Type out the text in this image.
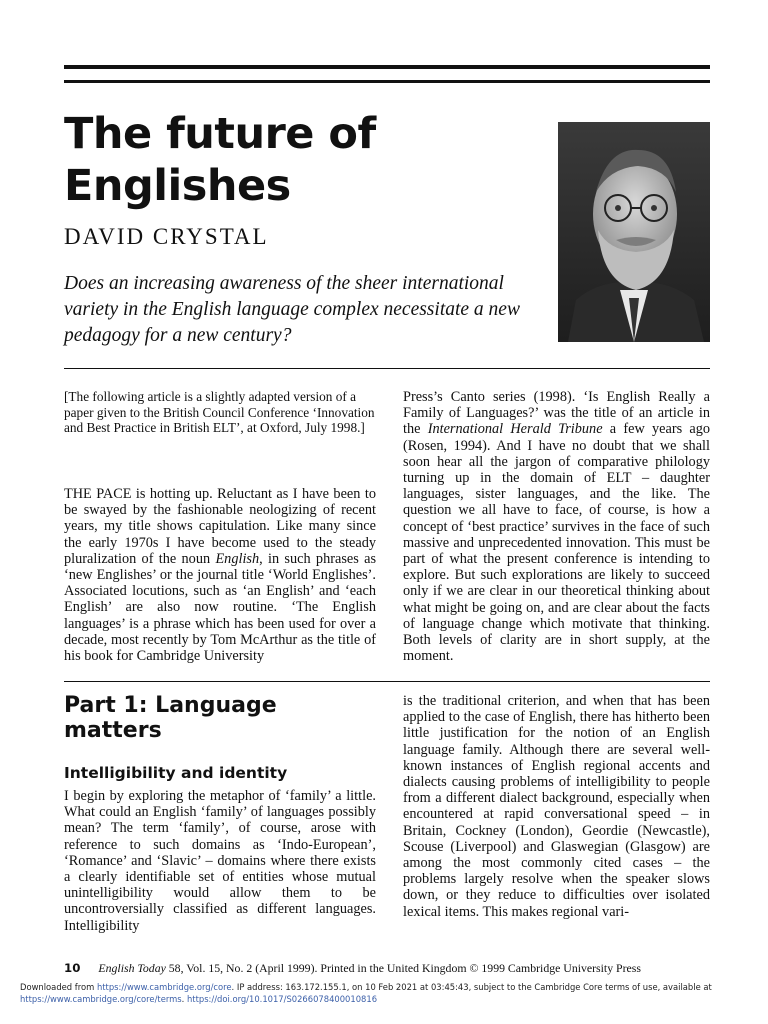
The future of
Englishes
DAVID CRYSTAL
Does an increasing awareness of the sheer international variety in the English language complex necessitate a new pedagogy for a new century?
[The following article is a slightly adapted version of a paper given to the British Council Conference ‘Innovation and Best Practice in British ELT’, at Oxford, July 1998.]

THE PACE is hotting up. Reluctant as I have been to be swayed by the fashionable neologizing of recent years, my title shows capitulation. Like many since the early 1970s I have become used to the steady pluralization of the noun English, in such phrases as ‘new Englishes’ or the journal title ‘World Englishes’. Associated locutions, such as ‘an English’ and ‘each English’ are also now routine. ‘The English languages’ is a phrase which has been used for over a decade, most recently by Tom McArthur as the title of his book for Cambridge University

Press’s Canto series (1998). ‘Is English Really a Family of Languages?’ was the title of an article in the International Herald Tribune a few years ago (Rosen, 1994). And I have no doubt that we shall soon hear all the jargon of comparative philology turning up in the domain of ELT – daughter languages, sister languages, and the like. The question we all have to face, of course, is how a concept of ‘best practice’ survives in the face of such massive and unprecedented innovation. This must be part of what the present conference is intending to explore. But such explorations are likely to succeed only if we are clear in our theoretical thinking about what might be going on, and are clear about the facts of language change which motivate that thinking. Both levels of clarity are in short supply, at the moment.

Part 1: Language matters
Intelligibility and identity

I begin by exploring the metaphor of ‘family’ a little. What could an English ‘family’ of languages possibly mean? The term ‘family’, of course, arose with reference to such domains as ‘Indo-European’, ‘Romance’ and ‘Slavic’ – domains where there exists a clearly identifiable set of entities whose mutual unintelligibility would allow them to be uncontroversially classified as different languages. Intelligibility

is the traditional criterion, and when that has been applied to the case of English, there has hitherto been little justification for the notion of an English language family. Although there are several well-known instances of English regional accents and dialects causing problems of intelligibility to people from a different dialect background, especially when encountered at rapid conversational speed – in Britain, Cockney (London), Geordie (Newcastle), Scouse (Liverpool) and Glaswegian (Glasgow) are among the most commonly cited cases – the problems largely resolve when the speaker slows down, or they reduce to difficulties over isolated lexical items. This makes regional vari-

10 English Today 58, Vol. 15, No. 2 (April 1999). Printed in the United Kingdom © 1999 Cambridge University Press
Downloaded from https://www.cambridge.org/core. IP address: 163.172.155.1, on 10 Feb 2021 at 03:45:43, subject to the Cambridge Core terms of use, available at https://www.cambridge.org/core/terms. https://doi.org/10.1017/S0266078400010816
